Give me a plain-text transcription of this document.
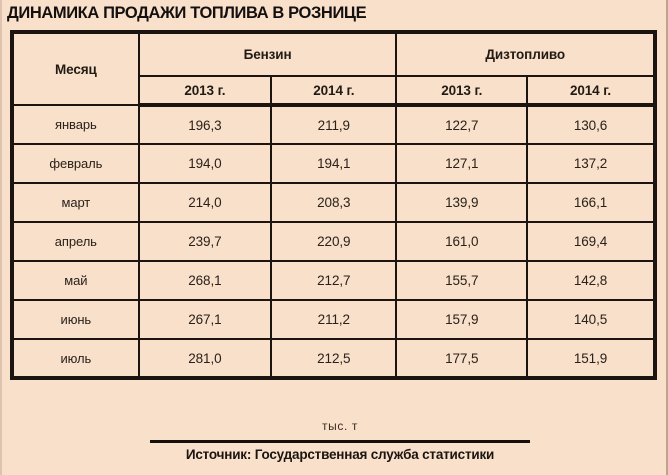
ДИНАМИКА ПРОДАЖИ ТОПЛИВА В РОЗНИЦЕ
Месяц	Бензин		Дизтопливо	
	2013 г.	2014 г.	2013 г.	2014 г.
январь	196,3	211,9	122,7	130,6
февраль	194,0	194,1	127,1	137,2
март	214,0	208,3	139,9	166,1
апрель	239,7	220,9	161,0	169,4
май	268,1	212,7	155,7	142,8
июнь	267,1	211,2	157,9	140,5
июль	281,0	212,5	177,5	151,9
тыс. т
Источник: Государственная служба статистики
